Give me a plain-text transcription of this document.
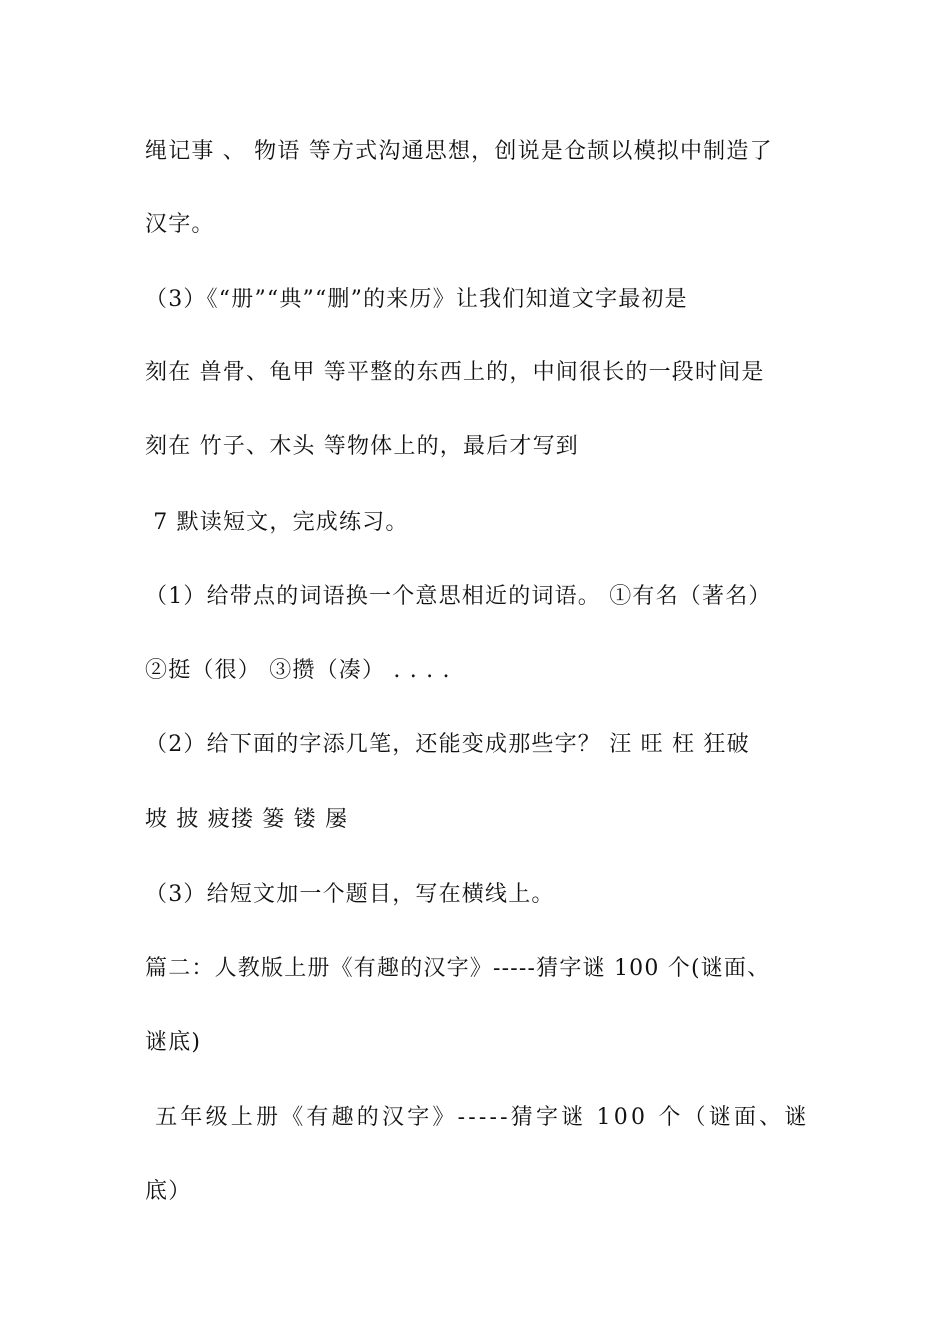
绳记事 、 物语 等方式沟通思想，创说是仓颉以模拟中制造了
汉字。
（3）《“册”“典”“删”的来历》让我们知道文字最初是
刻在 兽骨、龟甲 等平整的东西上的，中间很长的一段时间是
刻在 竹子、木头 等物体上的，最后才写到
7 默读短文，完成练习。
（1）给带点的词语换一个意思相近的词语。 ①有名（著名）
②挺（很） ③攒（凑） . . . .
（2）给下面的字添几笔，还能变成那些字？ 汪 旺 枉 狂破
坡 披 疲搂 篓 镂 屡
（3）给短文加一个题目，写在横线上。
篇二：人教版上册《有趣的汉字》-----猜字谜 100 个(谜面、
谜底)
五年级上册《有趣的汉字》-----猜字谜 100 个（谜面、谜
底）
